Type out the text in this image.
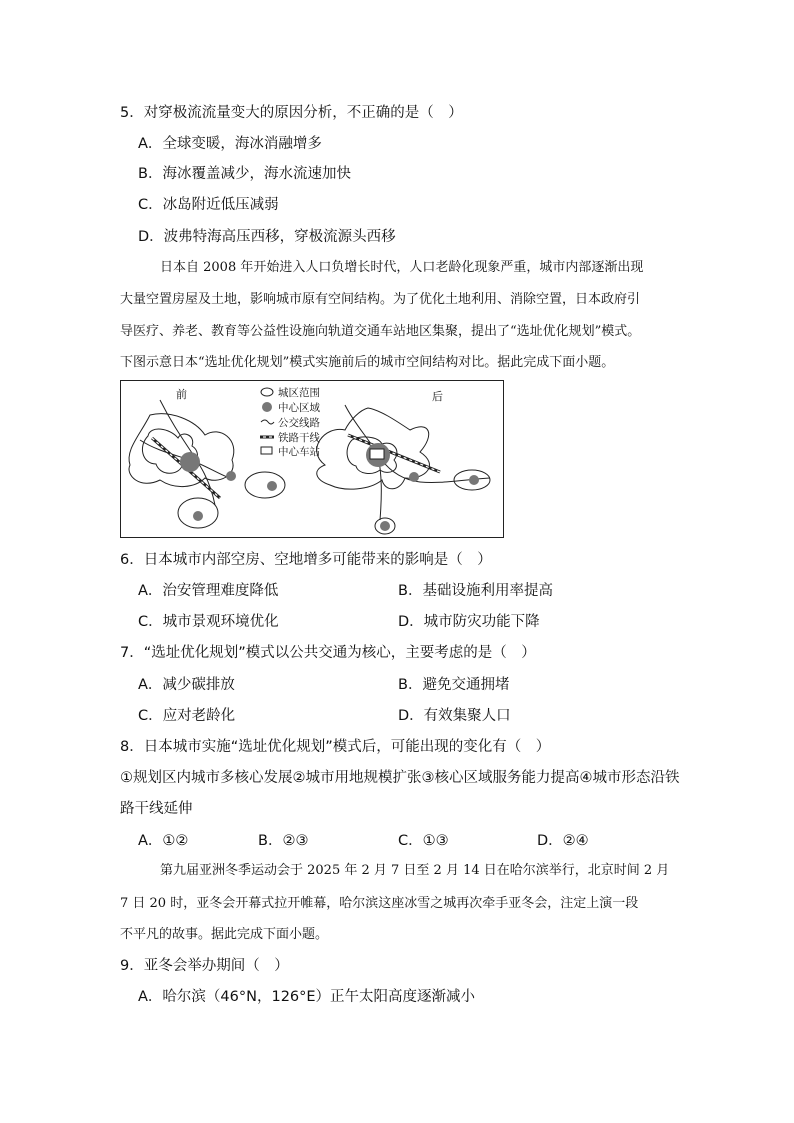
5．对穿极流流量变大的原因分析，不正确的是（　）
A．全球变暖，海冰消融增多
B．海冰覆盖减少，海水流速加快
C．冰岛附近低压减弱
D．波弗特海高压西移，穿极流源头西移
日本自 2008 年开始进入人口负增长时代，人口老龄化现象严重，城市内部逐渐出现
大量空置房屋及土地，影响城市原有空间结构。为了优化土地利用、消除空置，日本政府引
导医疗、养老、教育等公益性设施向轨道交通车站地区集聚，提出了“选址优化规划”模式。
下图示意日本“选址优化规划”模式实施前后的城市空间结构对比。据此完成下面小题。
前	后
城区范围
中心区域
公交线路
铁路干线
中心车站
6．日本城市内部空房、空地增多可能带来的影响是（　）
A．治安管理难度降低	B．基础设施利用率提高
C．城市景观环境优化	D．城市防灾功能下降
7．“选址优化规划”模式以公共交通为核心，主要考虑的是（　）
A．减少碳排放	B．避免交通拥堵
C．应对老龄化	D．有效集聚人口
8．日本城市实施“选址优化规划”模式后，可能出现的变化有（　）
①规划区内城市多核心发展②城市用地规模扩张③核心区域服务能力提高④城市形态沿铁
路干线延伸
A．①②	B．②③	C．①③	D．②④
第九届亚洲冬季运动会于 2025 年 2 月 7 日至 2 月 14 日在哈尔滨举行，北京时间 2 月
7 日 20 时，亚冬会开幕式拉开帷幕，哈尔滨这座冰雪之城再次牵手亚冬会，注定上演一段
不平凡的故事。据此完成下面小题。
9．亚冬会举办期间（　）
A．哈尔滨（46°N，126°E）正午太阳高度逐渐减小
